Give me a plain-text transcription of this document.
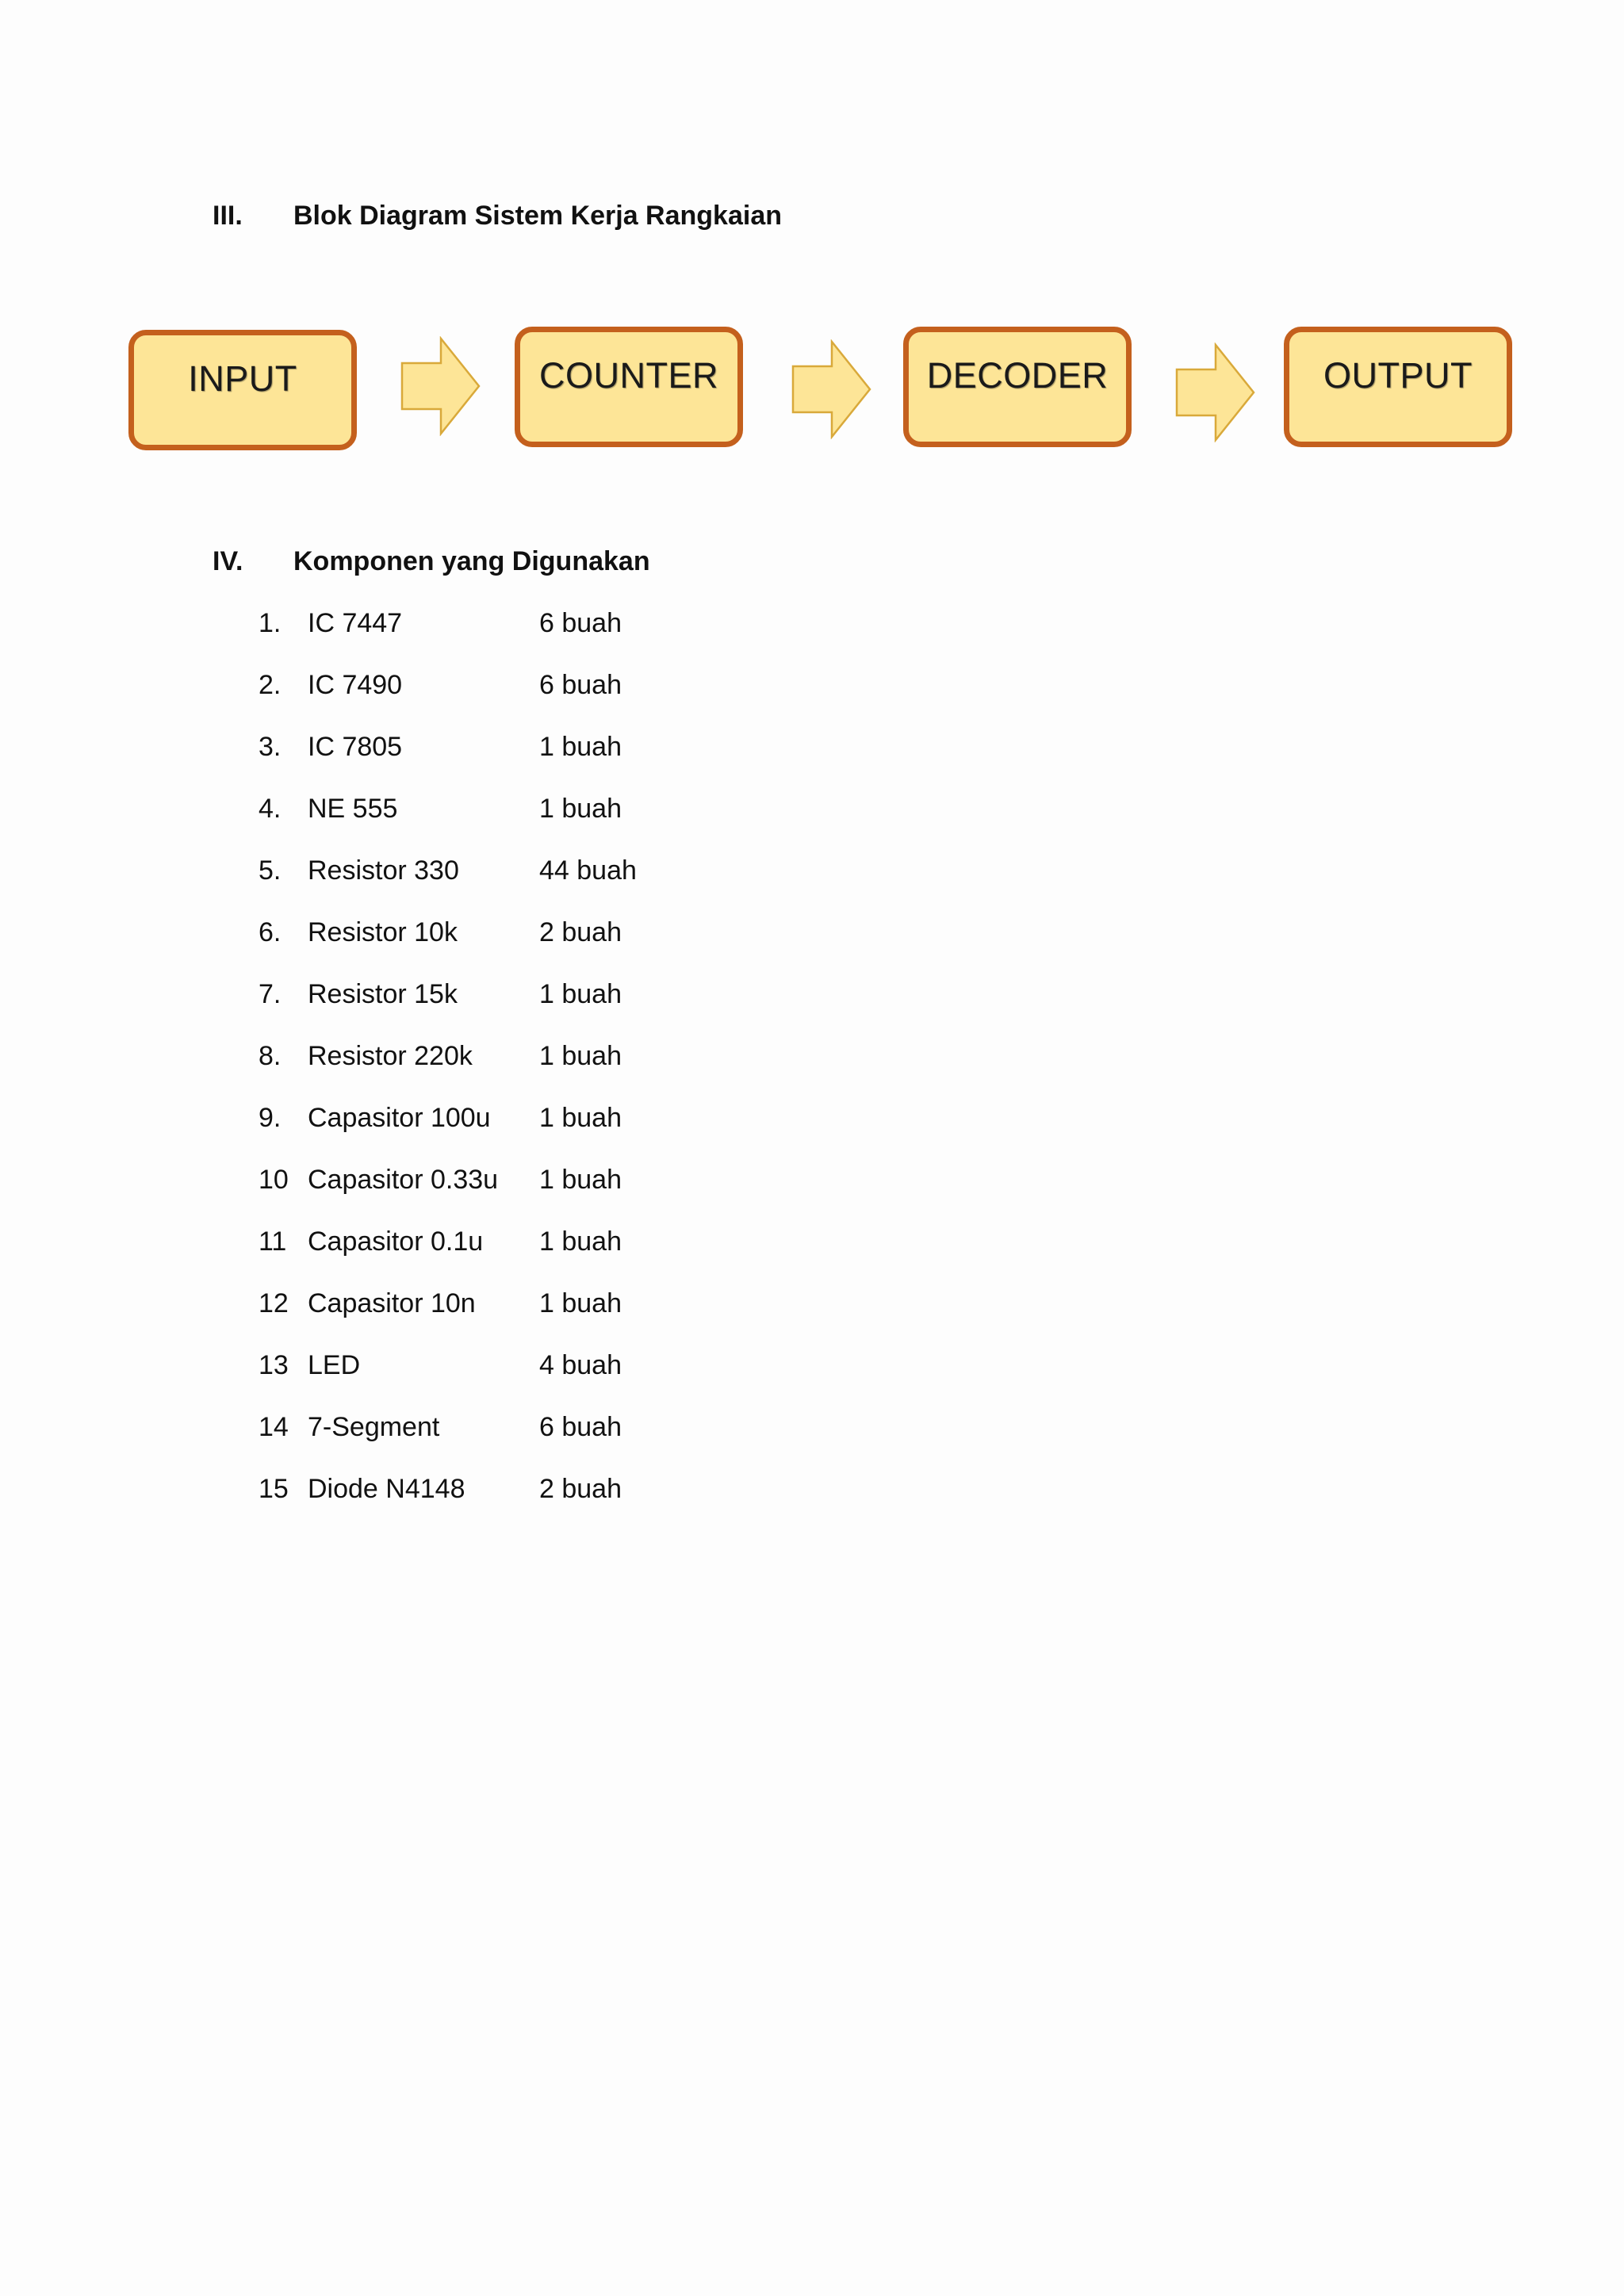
III. Blok Diagram Sistem Kerja Rangkaian
INPUT	COUNTER	DECODER	OUTPUT
IV. Komponen yang Digunakan
1. IC 7447	6 buah
2. IC 7490	6 buah
3. IC 7805	1 buah
4. NE 555	1 buah
5. Resistor 330	44 buah
6. Resistor 10k	2 buah
7. Resistor 15k	1 buah
8. Resistor 220k 1 buah
9. Capasitor 100u 1 buah
10 Capasitor 0.33u 1 buah
11 Capasitor 0.1u 1 buah
12 Capasitor 10n 1 buah
13 LED	4 buah
14 7-Segment	6 buah
15 Diode N4148	2 buah
